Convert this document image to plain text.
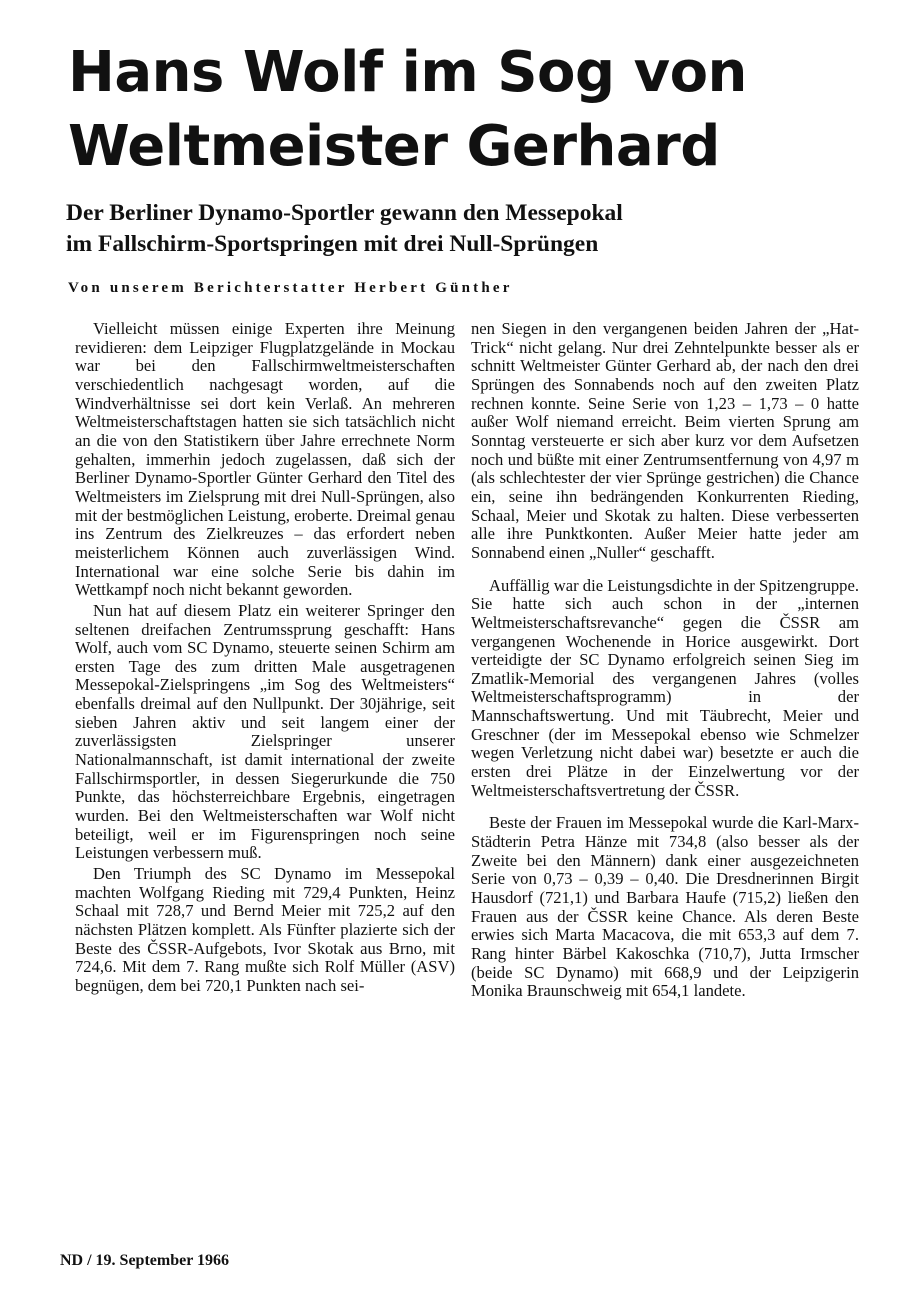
Hans Wolf im Sog von
Weltmeister Gerhard
Der Berliner Dynamo-Sportler gewann den Messepokal
im Fallschirm-Sportspringen mit drei Null-Sprüngen
Von unserem Berichterstatter Herbert Günther

Vielleicht müssen einige Experten ihre Meinung revidieren: dem Leipziger Flugplatzgelände in Mockau war bei den Fallschirmweltmeisterschaften verschiedentlich nachgesagt worden, auf die Windverhältnisse sei dort kein Verlaß. An mehreren Weltmeisterschaftstagen hatten sie sich tatsächlich nicht an die von den Statistikern über Jahre errechnete Norm gehalten, immerhin jedoch zugelassen, daß sich der Berliner Dynamo-Sportler Günter Gerhard den Titel des Weltmeisters im Zielsprung mit drei Null-Sprüngen, also mit der bestmöglichen Leistung, eroberte. Dreimal genau ins Zentrum des Zielkreuzes – das erfordert neben meisterlichem Können auch zuverlässigen Wind. International war eine solche Serie bis dahin im Wettkampf noch nicht bekannt geworden.

Nun hat auf diesem Platz ein weiterer Springer den seltenen dreifachen Zentrumssprung geschafft: Hans Wolf, auch vom SC Dynamo, steuerte seinen Schirm am ersten Tage des zum dritten Male ausgetragenen Messepokal-Zielspringens „im Sog des Weltmeisters“ ebenfalls dreimal auf den Nullpunkt. Der 30jährige, seit sieben Jahren aktiv und seit langem einer der zuverlässigsten Zielspringer unserer Nationalmannschaft, ist damit international der zweite Fallschirmsportler, in dessen Siegerurkunde die 750 Punkte, das höchsterreichbare Ergebnis, eingetragen wurden. Bei den Weltmeisterschaften war Wolf nicht beteiligt, weil er im Figurenspringen noch seine Leistungen verbessern muß.

Den Triumph des SC Dynamo im Messepokal machten Wolfgang Rieding mit 729,4 Punkten, Heinz Schaal mit 728,7 und Bernd Meier mit 725,2 auf den nächsten Plätzen komplett. Als Fünfter plazierte sich der Beste des ČSSR-Aufgebots, Ivor Skotak aus Brno, mit 724,6. Mit dem 7. Rang mußte sich Rolf Müller (ASV) begnügen, dem bei 720,1 Punkten nach sei-

nen Siegen in den vergangenen beiden Jahren der „Hat-Trick“ nicht gelang. Nur drei Zehntelpunkte besser als er schnitt Weltmeister Günter Gerhard ab, der nach den drei Sprüngen des Sonnabends noch auf den zweiten Platz rechnen konnte. Seine Serie von 1,23 – 1,73 – 0 hatte außer Wolf niemand erreicht. Beim vierten Sprung am Sonntag versteuerte er sich aber kurz vor dem Aufsetzen noch und büßte mit einer Zentrumsentfernung von 4,97 m (als schlechtester der vier Sprünge gestrichen) die Chance ein, seine ihn bedrängenden Konkurrenten Rieding, Schaal, Meier und Skotak zu halten. Diese verbesserten alle ihre Punktkonten. Außer Meier hatte jeder am Sonnabend einen „Nuller“ geschafft.

Auffällig war die Leistungsdichte in der Spitzengruppe. Sie hatte sich auch schon in der „internen Weltmeisterschaftsrevanche“ gegen die ČSSR am vergangenen Wochenende in Horice ausgewirkt. Dort verteidigte der SC Dynamo erfolgreich seinen Sieg im Zmatlik-Memorial des vergangenen Jahres (volles Weltmeisterschaftsprogramm) in der Mannschaftswertung. Und mit Täubrecht, Meier und Greschner (der im Messepokal ebenso wie Schmelzer wegen Verletzung nicht dabei war) besetzte er auch die ersten drei Plätze in der Einzelwertung vor der Weltmeisterschaftsvertretung der ČSSR.

Beste der Frauen im Messepokal wurde die Karl-Marx-Städterin Petra Hänze mit 734,8 (also besser als der Zweite bei den Männern) dank einer ausgezeichneten Serie von 0,73 – 0,39 – 0,40. Die Dresdnerinnen Birgit Hausdorf (721,1) und Barbara Haufe (715,2) ließen den Frauen aus der ČSSR keine Chance. Als deren Beste erwies sich Marta Macacova, die mit 653,3 auf dem 7. Rang hinter Bärbel Kakoschka (710,7), Jutta Irmscher (beide SC Dynamo) mit 668,9 und der Leipzigerin Monika Braunschweig mit 654,1 landete.

ND / 19. September 1966
